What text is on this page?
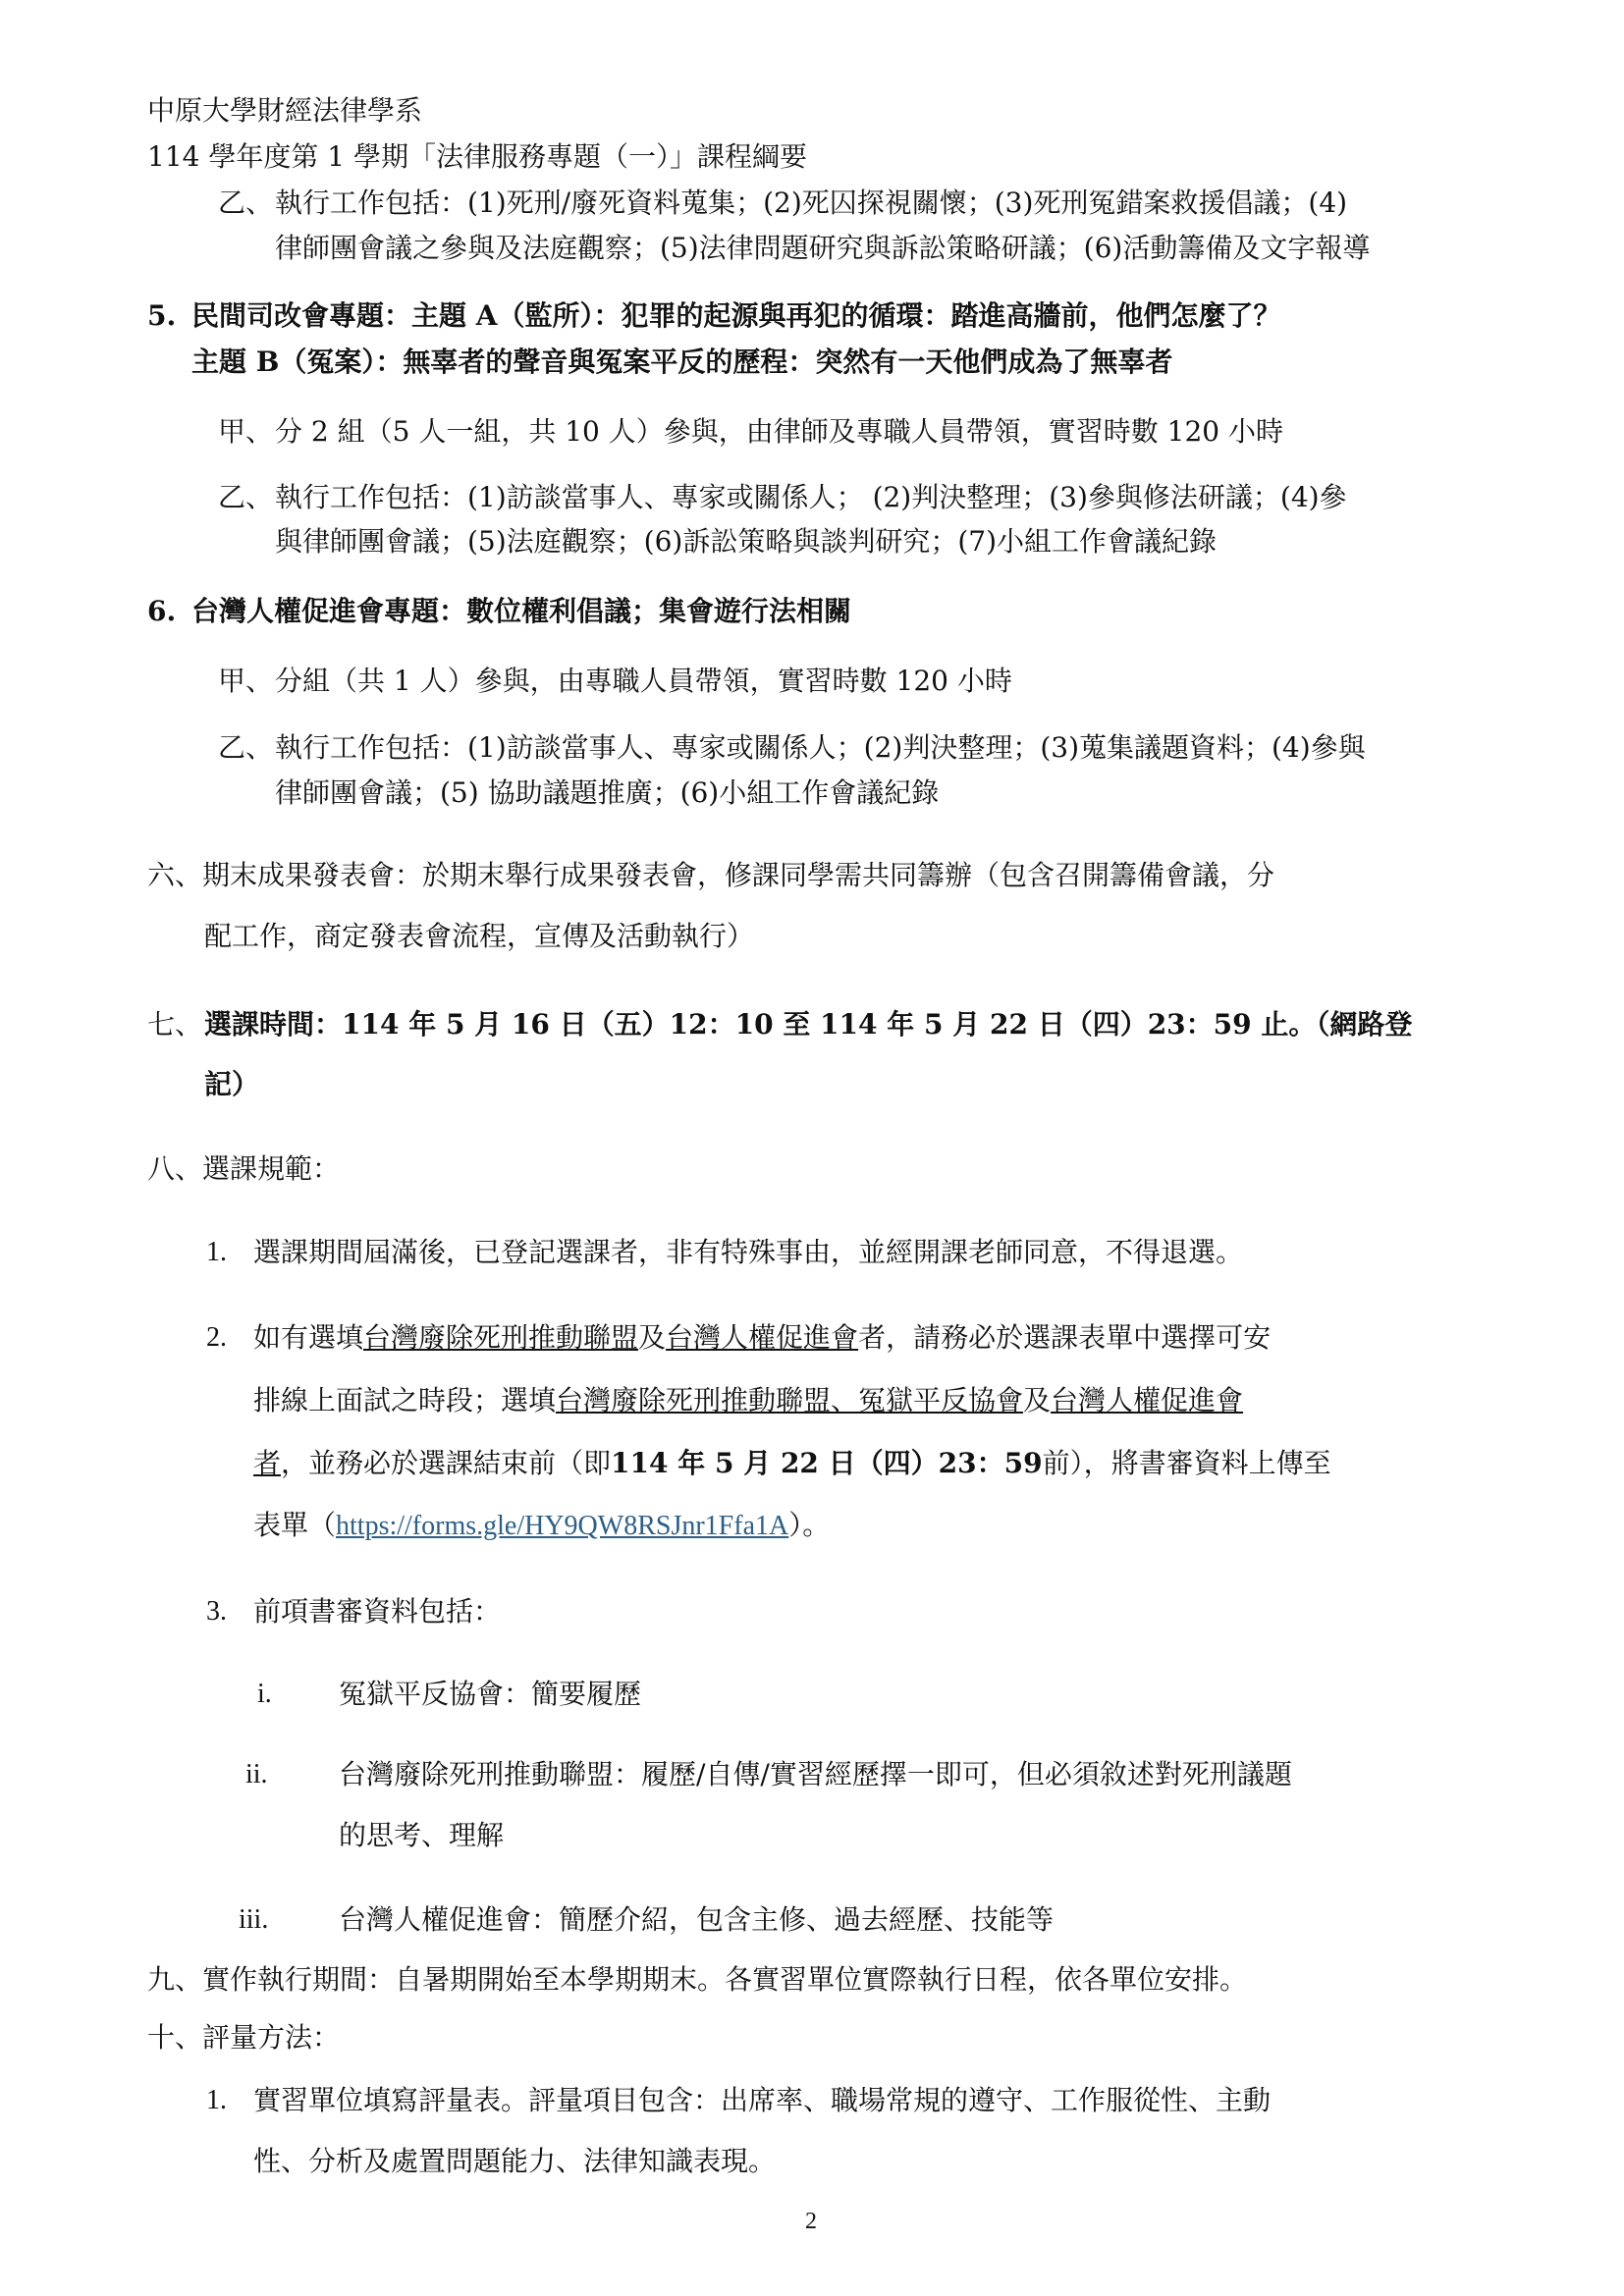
中原大學財經法律學系
114 學年度第 1 學期「法律服務專題（一）」課程綱要
乙、 執行工作包括：(1)死刑/廢死資料蒐集；(2)死囚探視關懷；(3)死刑冤錯案救援倡議；(4)
律師團會議之參與及法庭觀察；(5)法律問題研究與訴訟策略研議；(6)活動籌備及文字報導
5. 民間司改會專題：主題 A（監所）：犯罪的起源與再犯的循環：踏進高牆前，他們怎麼了？
主題 B（冤案）：無辜者的聲音與冤案平反的歷程：突然有一天他們成為了無辜者
甲、 分 2 組（5 人一組，共 10 人）參與，由律師及專職人員帶領，實習時數 120 小時
乙、 執行工作包括：(1)訪談當事人、專家或關係人； (2)判決整理；(3)參與修法研議；(4)參
與律師團會議；(5)法庭觀察；(6)訴訟策略與談判研究；(7)小組工作會議紀錄
6. 台灣人權促進會專題：數位權利倡議；集會遊行法相關
甲、 分組（共 1 人）參與，由專職人員帶領，實習時數 120 小時
乙、 執行工作包括：(1)訪談當事人、專家或關係人；(2)判決整理；(3)蒐集議題資料；(4)參與
律師團會議；(5) 協助議題推廣；(6)小組工作會議紀錄
六、期末成果發表會：於期末舉行成果發表會，修課同學需共同籌辦（包含召開籌備會議，分
配工作，商定發表會流程，宣傳及活動執行）
七、 選課時間：114 年 5 月 16 日（五）12：10 至 114 年 5 月 22 日（四）23：59 止。（網路登
記）
八、選課規範：
1. 選課期間屆滿後，已登記選課者，非有特殊事由，並經開課老師同意，不得退選。
2. 如有選填台灣廢除死刑推動聯盟及台灣人權促進會者，請務必於選課表單中選擇可安
排線上面試之時段；選填台灣廢除死刑推動聯盟、冤獄平反協會及台灣人權促進會
者，並務必於選課結束前（即114 年 5 月 22 日（四）23：59前），將書審資料上傳至
表單（https://forms.gle/HY9QW8RSJnr1Ffa1A）。
3. 前項書審資料包括：
i. 冤獄平反協會：簡要履歷
ii.	台灣廢除死刑推動聯盟：履歷/自傳/實習經歷擇一即可，但必須敘述對死刑議題
的思考、理解
iii.	台灣人權促進會：簡歷介紹，包含主修、過去經歷、技能等
九、實作執行期間：自暑期開始至本學期期末。各實習單位實際執行日程，依各單位安排。
十、評量方法：
1. 實習單位填寫評量表。評量項目包含：出席率、職場常規的遵守、工作服從性、主動
性、分析及處置問題能力、法律知識表現。
2
